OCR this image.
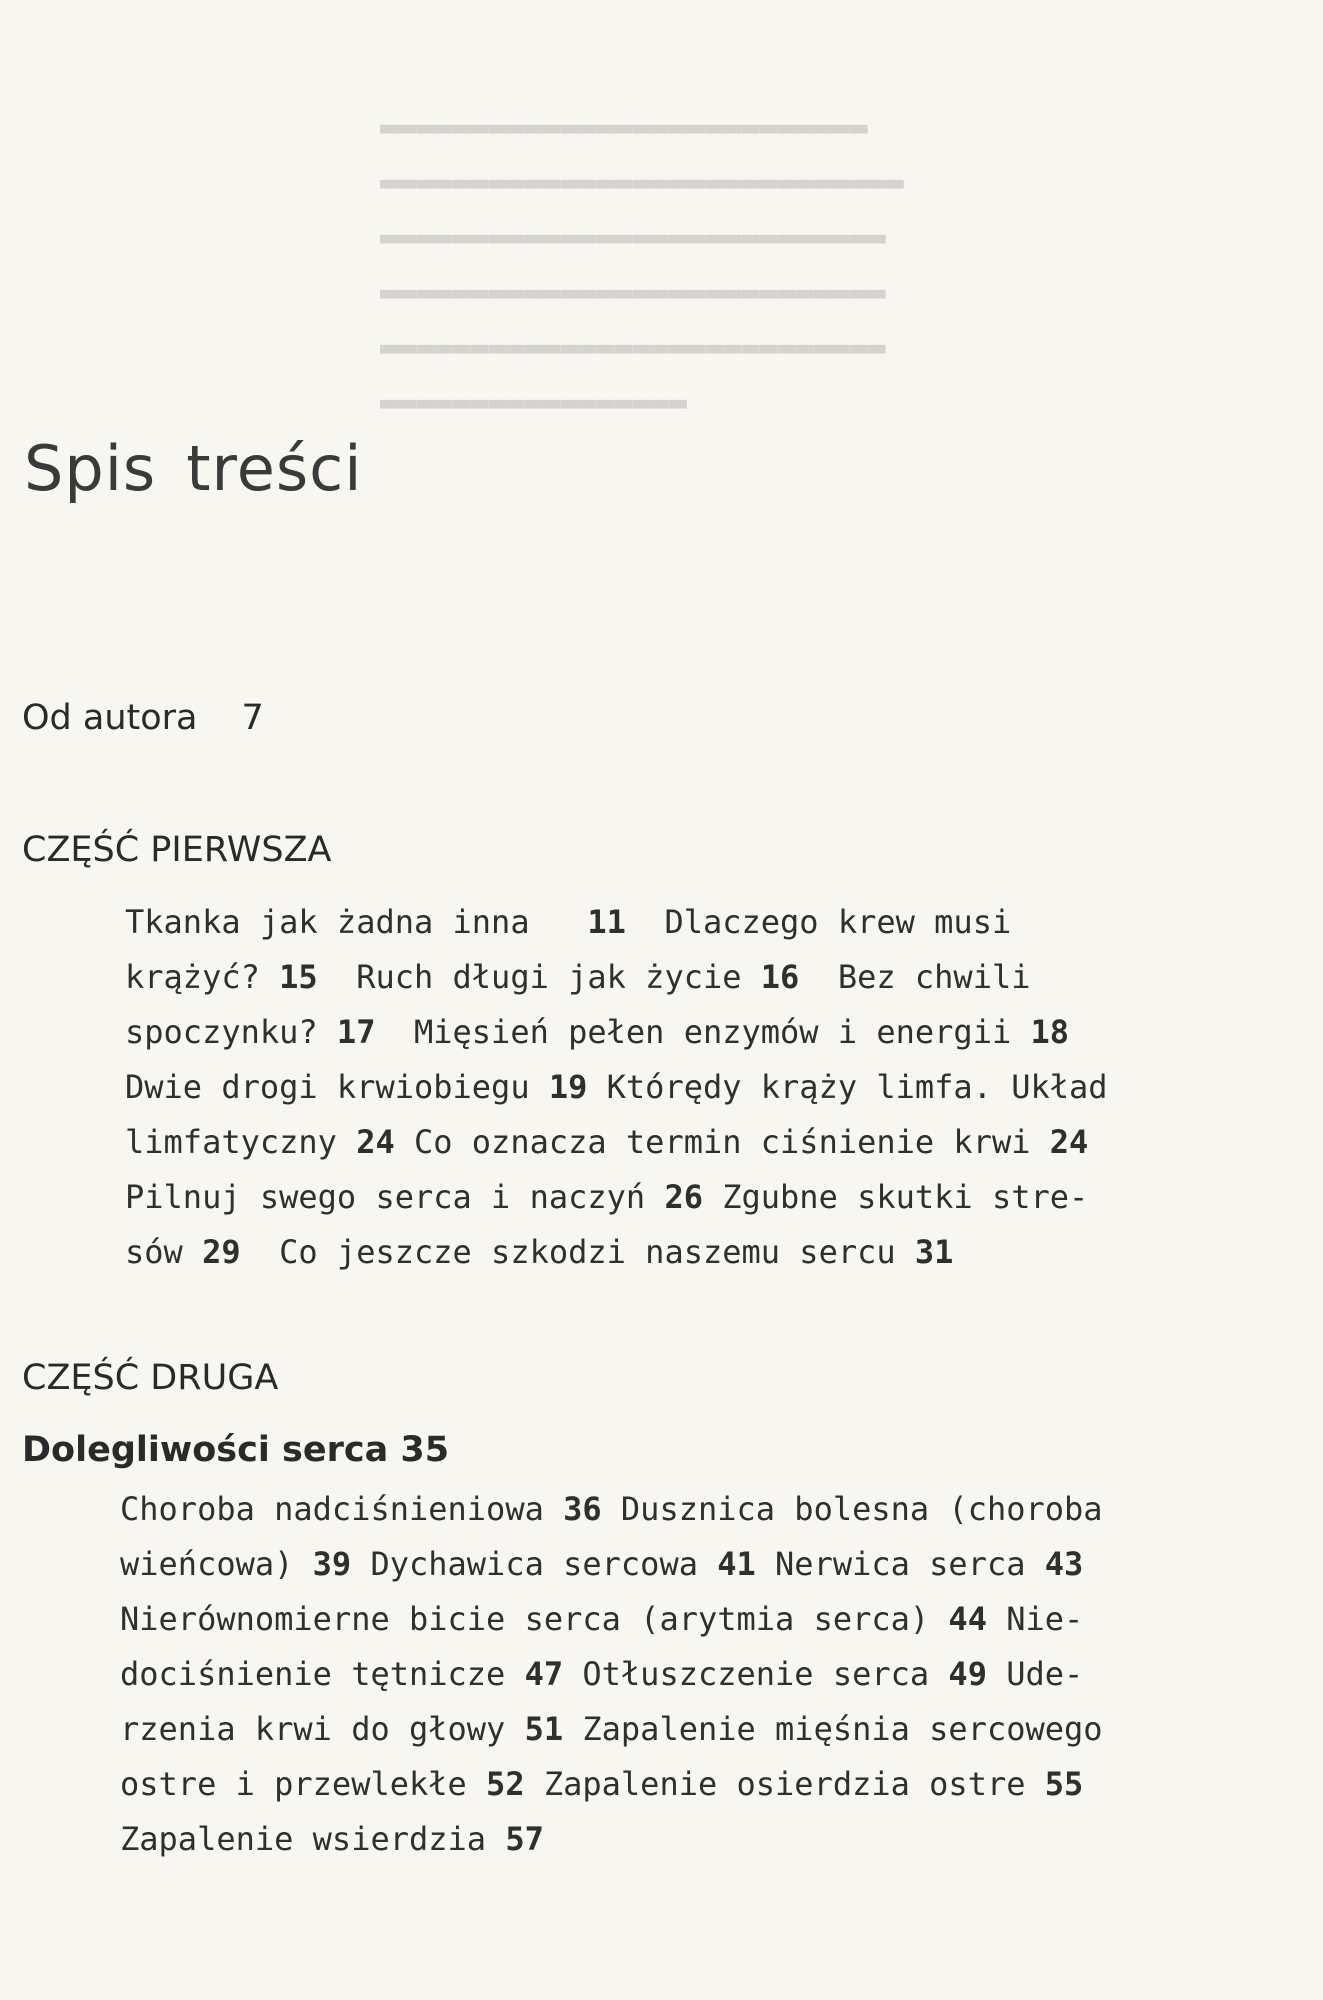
▬▬▬▬▬▬▬▬▬▬▬▬▬▬▬▬▬▬▬▬▬▬▬▬▬▬▬
▬▬▬▬▬▬▬▬▬▬▬▬▬▬▬▬▬▬▬▬▬▬▬▬▬▬▬▬▬
▬▬▬▬▬▬▬▬▬▬▬▬▬▬▬▬▬▬▬▬▬▬▬▬▬▬▬▬
▬▬▬▬▬▬▬▬▬▬▬▬▬▬▬▬▬▬▬▬▬▬▬▬▬▬▬▬
▬▬▬▬▬▬▬▬▬▬▬▬▬▬▬▬▬▬▬▬▬▬▬▬▬▬▬▬
▬▬▬▬▬▬▬▬▬▬▬▬▬▬▬▬▬
Spis treści
Od autora 7
CZĘŚĆ PIERWSZA
Tkanka jak żadna inna   11  Dlaczego krew musi
krążyć? 15  Ruch długi jak życie 16  Bez chwili
spoczynku? 17  Mięsień pełen enzymów i energii 18
Dwie drogi krwiobiegu 19 Którędy krąży limfa. Układ
limfatyczny 24 Co oznacza termin ciśnienie krwi 24
Pilnuj swego serca i naczyń 26 Zgubne skutki stre-
sów 29  Co jeszcze szkodzi naszemu sercu 31
CZĘŚĆ DRUGA
Dolegliwości serca 35
Choroba nadciśnieniowa 36 Dusznica bolesna (choroba
wieńcowa) 39 Dychawica sercowa 41 Nerwica serca 43
Nierównomierne bicie serca (arytmia serca) 44 Nie-
dociśnienie tętnicze 47 Otłuszczenie serca 49 Ude-
rzenia krwi do głowy 51 Zapalenie mięśnia sercowego
ostre i przewlekłe 52 Zapalenie osierdzia ostre 55
Zapalenie wsierdzia 57
